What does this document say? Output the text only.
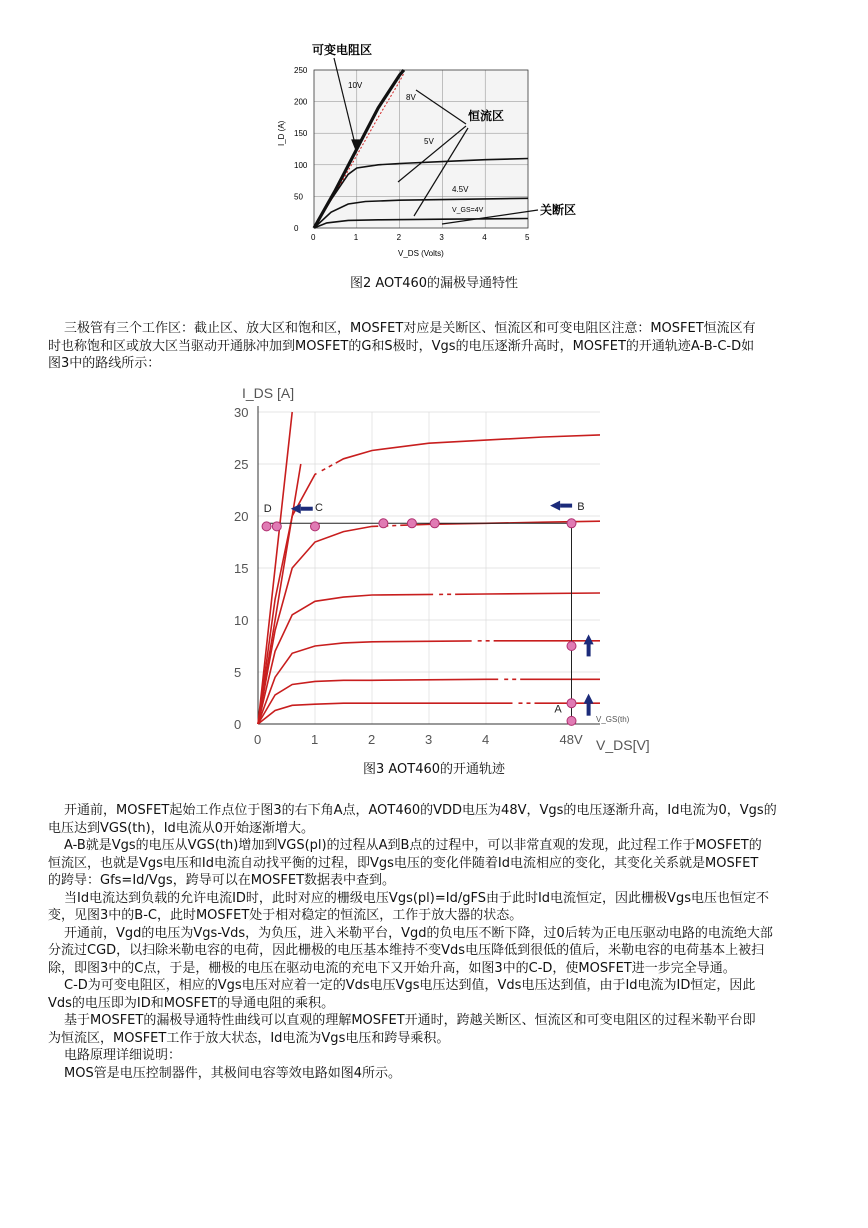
0	1	2	3	4	5
250
200
150
100
50
0
I_D (A)
V_DS (Volts)
可变电阻区
恒流区
关断区
10V
8V
5V
4.5V
V_GS=4V
图2 AOT460的漏极导通特性
三极管有三个工作区：截止区、放大区和饱和区，MOSFET对应是关断区、恒流区和可变电阻区注意：MOSFET恒流区有
时也称饱和区或放大区当驱动开通脉冲加到MOSFET的G和S极时，Vgs的电压逐渐升高时，MOSFET的开通轨迹A-B-C-D如
图3中的路线所示：
0	1	2	3	4	48V
30
25
20
15
10
5
0
D	C	B
A
I_DS [A]
V_DS[V]
V_GS(th)
图3 AOT460的开通轨迹
开通前，MOSFET起始工作点位于图3的右下角A点，AOT460的VDD电压为48V，Vgs的电压逐渐升高，Id电流为0，Vgs的
电压达到VGS(th)，Id电流从0开始逐渐增大。
A-B就是Vgs的电压从VGS(th)增加到VGS(pl)的过程从A到B点的过程中，可以非常直观的发现，此过程工作于MOSFET的
恒流区，也就是Vgs电压和Id电流自动找平衡的过程，即Vgs电压的变化伴随着Id电流相应的变化，其变化关系就是MOSFET
的跨导：Gfs=Id/Vgs，跨导可以在MOSFET数据表中查到。
当Id电流达到负载的允许电流ID时，此时对应的栅级电压Vgs(pl)=Id/gFS由于此时Id电流恒定，因此栅极Vgs电压也恒定不
变，见图3中的B-C，此时MOSFET处于相对稳定的恒流区，工作于放大器的状态。
开通前，Vgd的电压为Vgs-Vds，为负压，进入米勒平台，Vgd的负电压不断下降，过0后转为正电压驱动电路的电流绝大部
分流过CGD，以扫除米勒电容的电荷，因此栅极的电压基本维持不变Vds电压降低到很低的值后，米勒电容的电荷基本上被扫
除，即图3中的C点，于是，栅极的电压在驱动电流的充电下又开始升高，如图3中的C-D，使MOSFET进一步完全导通。
C-D为可变电阻区，相应的Vgs电压对应着一定的Vds电压Vgs电压达到值，Vds电压达到值，由于Id电流为ID恒定，因此
Vds的电压即为ID和MOSFET的导通电阻的乘积。
基于MOSFET的漏极导通特性曲线可以直观的理解MOSFET开通时，跨越关断区、恒流区和可变电阻区的过程米勒平台即
为恒流区，MOSFET工作于放大状态，Id电流为Vgs电压和跨导乘积。
电路原理详细说明：
MOS管是电压控制器件，其极间电容等效电路如图4所示。
